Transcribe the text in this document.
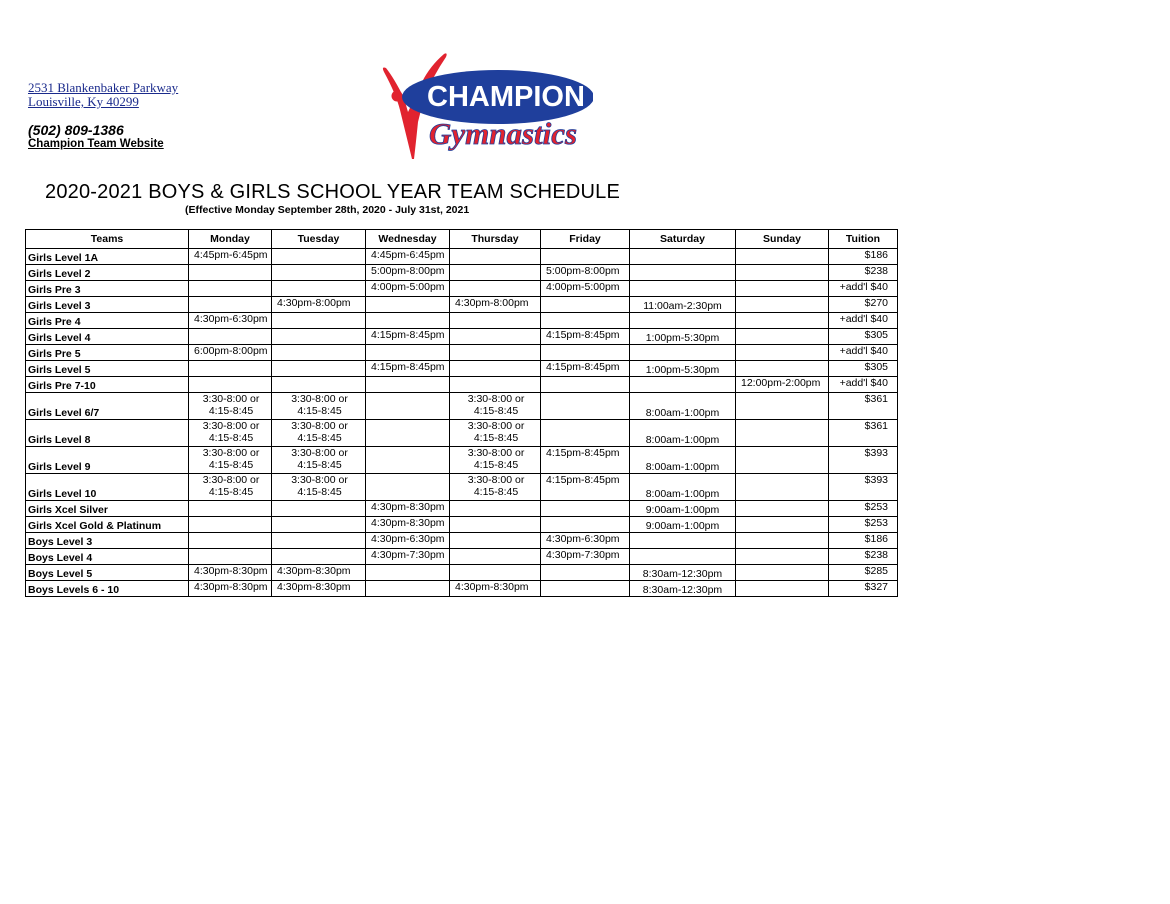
2531 Blankenbaker Parkway
Louisville, Ky 40299
(502) 809-1386
Champion Team Website
CHAMPION
Gymnastics
2020-2021 BOYS & GIRLS SCHOOL YEAR TEAM SCHEDULE
(Effective Monday September 28th, 2020 - July 31st, 2021
Teams	Monday	Tuesday	Wednesday	Thursday	Friday	Saturday	Sunday	Tuition
Girls Level 1A	4:45pm-6:45pm		4:45pm-6:45pm					$186
Girls Level 2			5:00pm-8:00pm		5:00pm-8:00pm			$238
Girls Pre 3			4:00pm-5:00pm		4:00pm-5:00pm			+add'l $40
Girls Level 3		4:30pm-8:00pm		4:30pm-8:00pm		11:00am-2:30pm		$270
Girls Pre 4	4:30pm-6:30pm							+add'l $40
Girls Level 4			4:15pm-8:45pm		4:15pm-8:45pm	1:00pm-5:30pm		$305
Girls Pre 5	6:00pm-8:00pm							+add'l $40
Girls Level 5			4:15pm-8:45pm		4:15pm-8:45pm	1:00pm-5:30pm		$305
Girls Pre 7-10							12:00pm-2:00pm	+add'l $40
Girls Level 6/7	3:30-8:00 or
4:15-8:45	3:30-8:00 or
4:15-8:45		3:30-8:00 or
4:15-8:45		8:00am-1:00pm		$361
Girls Level 8	3:30-8:00 or
4:15-8:45	3:30-8:00 or
4:15-8:45		3:30-8:00 or
4:15-8:45		8:00am-1:00pm		$361
Girls Level 9	3:30-8:00 or
4:15-8:45	3:30-8:00 or
4:15-8:45		3:30-8:00 or
4:15-8:45	4:15pm-8:45pm	8:00am-1:00pm		$393
Girls Level 10	3:30-8:00 or
4:15-8:45	3:30-8:00 or
4:15-8:45		3:30-8:00 or
4:15-8:45	4:15pm-8:45pm	8:00am-1:00pm		$393
Girls Xcel Silver			4:30pm-8:30pm			9:00am-1:00pm		$253
Girls Xcel Gold & Platinum			4:30pm-8:30pm			9:00am-1:00pm		$253
Boys Level 3			4:30pm-6:30pm		4:30pm-6:30pm			$186
Boys Level 4			4:30pm-7:30pm		4:30pm-7:30pm			$238
Boys Level 5	4:30pm-8:30pm	4:30pm-8:30pm				8:30am-12:30pm		$285
Boys Levels 6 - 10	4:30pm-8:30pm	4:30pm-8:30pm		4:30pm-8:30pm		8:30am-12:30pm		$327
